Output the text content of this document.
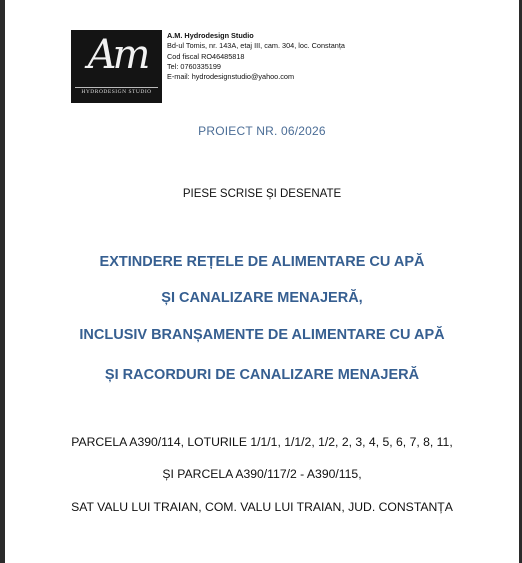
Am
HYDRODESIGN STUDIO
A.M. Hydrodesign Studio
Bd-ul Tomis, nr. 143A, etaj III, cam. 304, loc. Constanța
Cod fiscal RO46485818
Tel: 0760335199
E-mail: hydrodesignstudio@yahoo.com
PROIECT NR. 06/2026
PIESE SCRISE ȘI DESENATE
EXTINDERE REȚELE DE ALIMENTARE CU APĂ
ȘI CANALIZARE MENAJERĂ,
INCLUSIV BRANȘAMENTE DE ALIMENTARE CU APĂ
ȘI RACORDURI DE CANALIZARE MENAJERĂ
PARCELA A390/114, LOTURILE 1/1/1, 1/1/2, 1/2, 2, 3, 4, 5, 6, 7, 8, 11,
ȘI PARCELA A390/117/2 - A390/115,
SAT VALU LUI TRAIAN, COM. VALU LUI TRAIAN, JUD. CONSTANȚA
